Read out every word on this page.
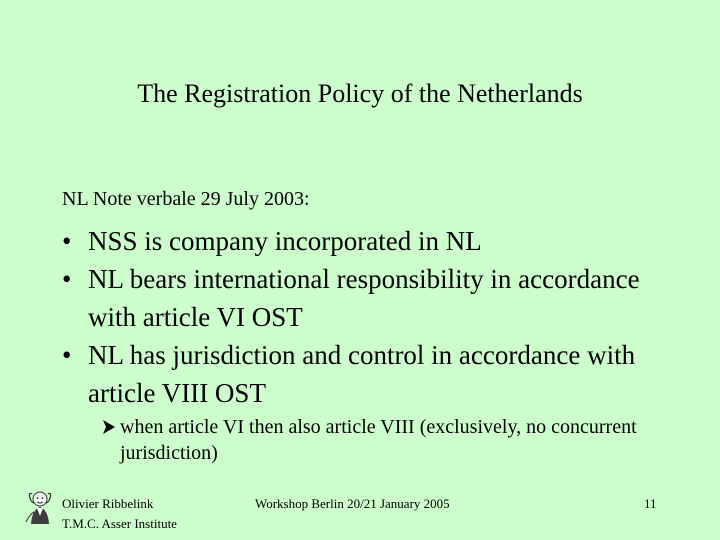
The Registration Policy of the Netherlands
NL Note verbale 29 July 2003:
• NSS is company incorporated in NL
• NL bears international responsibility in accordance with article VI OST
• NL has jurisdiction and control in accordance with article VIII OST
when article VI then also article VIII (exclusively, no concurrent jurisdiction)
Olivier Ribbelink
T.M.C. Asser Institute
Workshop Berlin 20/21 January 2005	11
